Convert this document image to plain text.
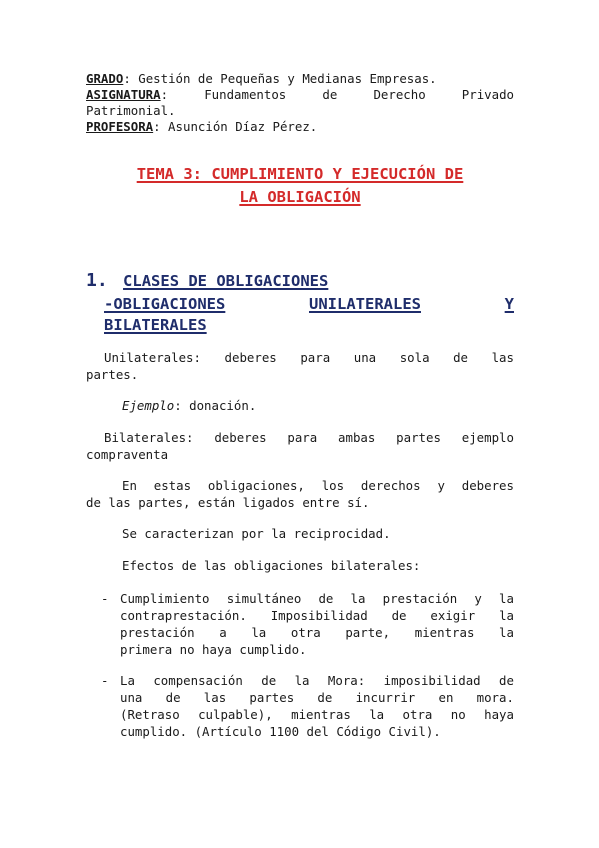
GRADO: Gestión de Pequeñas y Medianas Empresas.
ASIGNATURA:	Fundamentos	de	Derecho	Privado
Patrimonial.
PROFESORA: Asunción Díaz Pérez.
TEMA 3: CUMPLIMIENTO Y EJECUCIÓN DE
LA OBLIGACIÓN
1. CLASES DE OBLIGACIONES
-OBLIGACIONES	UNILATERALES	Y
BILATERALES
Unilaterales: deberes para una sola de las
partes.
Ejemplo: donación.
Bilaterales: deberes para ambas partes ejemplo
compraventa
En estas obligaciones, los derechos y deberes
de las partes, están ligados entre sí.
Se caracterizan por la reciprocidad.
Efectos de las obligaciones bilaterales:
- Cumplimiento simultáneo de la prestación y la
contraprestación. Imposibilidad de exigir la
prestación a la otra parte, mientras la
primera no haya cumplido.
- La compensación de la Mora: imposibilidad de
una de las partes de incurrir en mora.
(Retraso culpable), mientras la otra no haya
cumplido. (Artículo 1100 del Código Civil).
